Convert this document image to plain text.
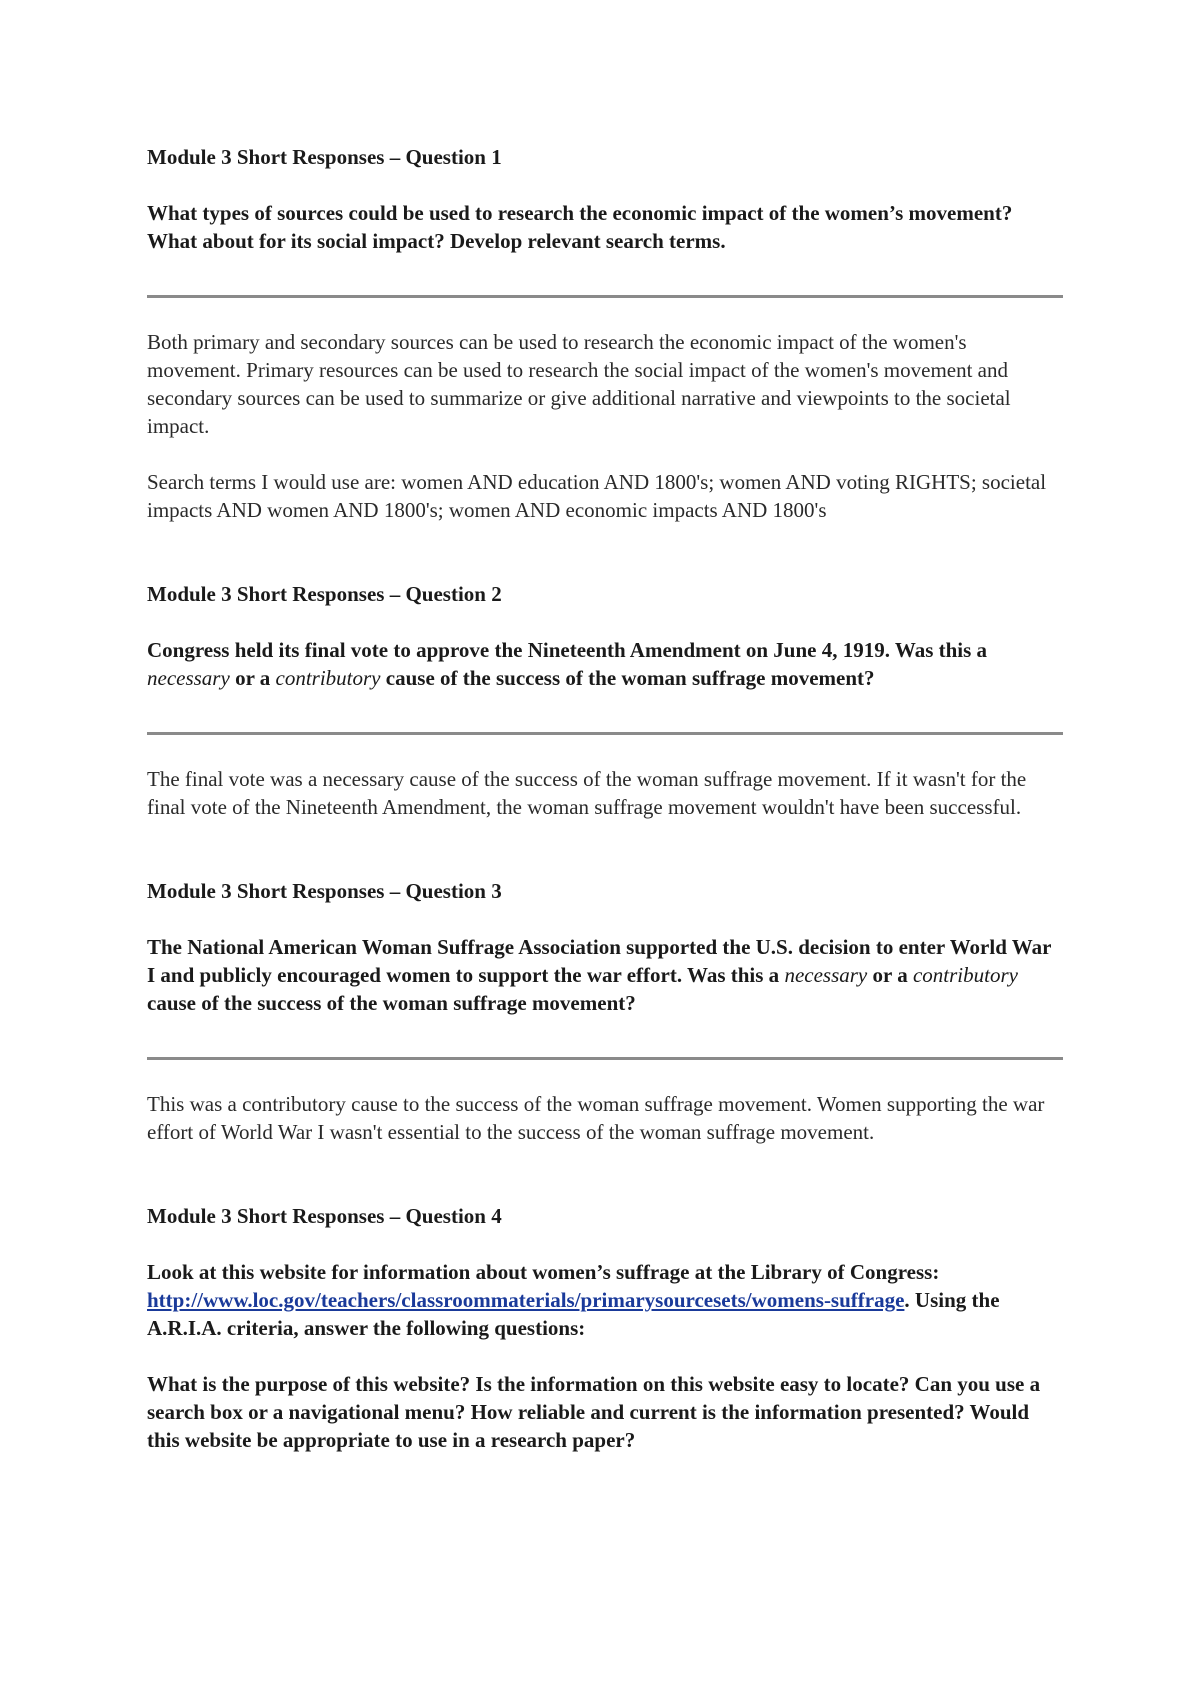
Module 3 Short Responses – Question 1

What types of sources could be used to research the economic impact of the women’s movement? What about for its social impact? Develop relevant search terms.

Both primary and secondary sources can be used to research the economic impact of the women's movement. Primary resources can be used to research the social impact of the women's movement and secondary sources can be used to summarize or give additional narrative and viewpoints to the societal impact.

Search terms I would use are: women AND education AND 1800's; women AND voting RIGHTS; societal impacts AND women AND 1800's; women AND economic impacts AND 1800's

Module 3 Short Responses – Question 2

Congress held its final vote to approve the Nineteenth Amendment on June 4, 1919. Was this a necessary or a contributory cause of the success of the woman suffrage movement?

The final vote was a necessary cause of the success of the woman suffrage movement. If it wasn't for the final vote of the Nineteenth Amendment, the woman suffrage movement wouldn't have been successful.

Module 3 Short Responses – Question 3

The National American Woman Suffrage Association supported the U.S. decision to enter World War I and publicly encouraged women to support the war effort. Was this a necessary or a contributory cause of the success of the woman suffrage movement?

This was a contributory cause to the success of the woman suffrage movement. Women supporting the war effort of World War I wasn't essential to the success of the woman suffrage movement.

Module 3 Short Responses – Question 4

Look at this website for information about women’s suffrage at the Library of Congress: http://www.loc.gov/teachers/classroommaterials/primarysourcesets/womens-suffrage. Using the A.R.I.A. criteria, answer the following questions:

What is the purpose of this website? Is the information on this website easy to locate? Can you use a search box or a navigational menu? How reliable and current is the information presented? Would this website be appropriate to use in a research paper?
